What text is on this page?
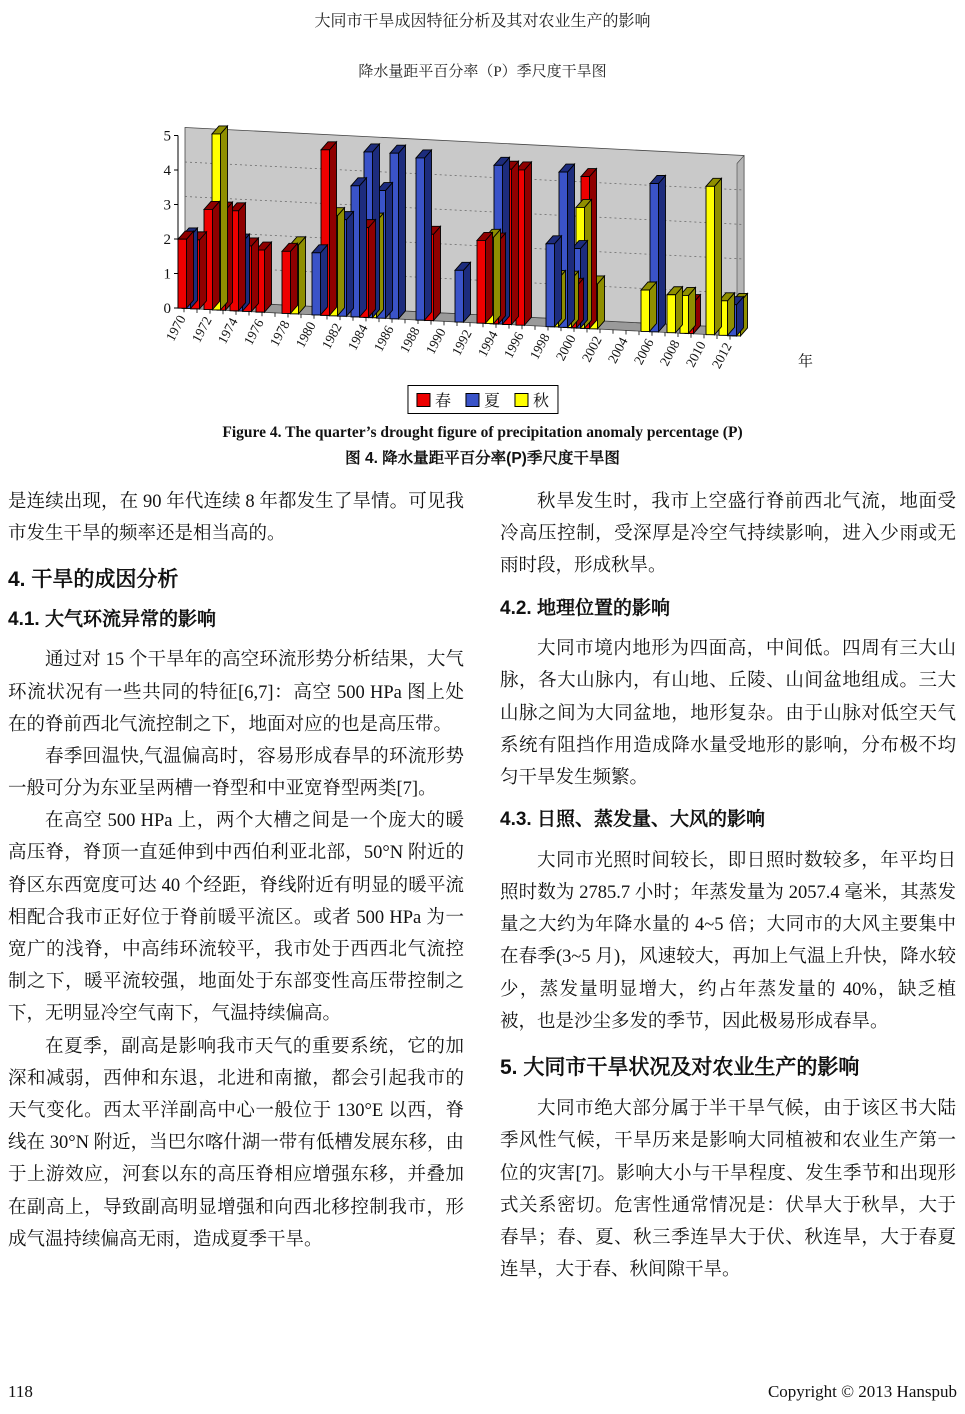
大同市干旱成因特征分析及其对农业生产的影响
降水量距平百分率（P）季尺度干旱图
0
1
2
3
4
5
1970 1972 1974 1976 1978 1980 1982 1984 1986 1988 1990 1992 1994 1996 1998 2000 2002 2004 2006 2008 2010 2012	年
春 夏 秋
Figure 4. The quarter’s drought figure of precipitation anomaly percentage (P)
图 4. 降水量距平百分率(P)季尺度干旱图

是连续出现，在 90 年代连续 8 年都发生了旱情。可见我市发生干旱的频率还是相当高的。

4. 干旱的成因分析
4.1. 大气环流异常的影响

通过对 15 个干旱年的高空环流形势分析结果，大气环流状况有一些共同的特征[6,7]：高空 500 HPa 图上处在的脊前西北气流控制之下，地面对应的也是高压带。

春季回温快,气温偏高时，容易形成春旱的环流形势一般可分为东亚呈两槽一脊型和中亚宽脊型两类[7]。

在高空 500 HPa 上，两个大槽之间是一个庞大的暖高压脊，脊顶一直延伸到中西伯利亚北部，50°N 附近的脊区东西宽度可达 40 个经距，脊线附近有明显的暖平流相配合我市正好位于脊前暖平流区。或者 500 HPa 为一宽广的浅脊，中高纬环流较平，我市处于西西北气流控制之下，暖平流较强，地面处于东部变性高压带控制之下，无明显冷空气南下，气温持续偏高。

在夏季，副高是影响我市天气的重要系统，它的加深和减弱，西伸和东退，北进和南撤，都会引起我市的天气变化。西太平洋副高中心一般位于 130°E 以西，脊线在 30°N 附近，当巴尔喀什湖一带有低槽发展东移，由于上游效应，河套以东的高压脊相应增强东移，并叠加在副高上，导致副高明显增强和向西北移控制我市，形成气温持续偏高无雨，造成夏季干旱。

秋旱发生时，我市上空盛行脊前西北气流，地面受冷高压控制，受深厚是冷空气持续影响，进入少雨或无雨时段，形成秋旱。

4.2. 地理位置的影响

大同市境内地形为四面高，中间低。四周有三大山脉，各大山脉内，有山地、丘陵、山间盆地组成。三大山脉之间为大同盆地，地形复杂。由于山脉对低空天气系统有阻挡作用造成降水量受地形的影响，分布极不均匀干旱发生频繁。

4.3. 日照、蒸发量、大风的影响

大同市光照时间较长，即日照时数较多，年平均日照时数为 2785.7 小时；年蒸发量为 2057.4 毫米，其蒸发量之大约为年降水量的 4~5 倍；大同市的大风主要集中在春季(3~5 月)，风速较大，再加上气温上升快，降水较少，蒸发量明显增大，约占年蒸发量的 40%，缺乏植被，也是沙尘多发的季节，因此极易形成春旱。

5. 大同市干旱状况及对农业生产的影响

大同市绝大部分属于半干旱气候，由于该区书大陆季风性气候，干旱历来是影响大同植被和农业生产第一位的灾害[7]。影响大小与干旱程度、发生季节和出现形式关系密切。危害性通常情况是：伏旱大于秋旱，大于春旱；春、夏、秋三季连旱大于伏、秋连旱，大于春夏连旱，大于春、秋间隙干旱。

118	Copyright © 2013 Hanspub
